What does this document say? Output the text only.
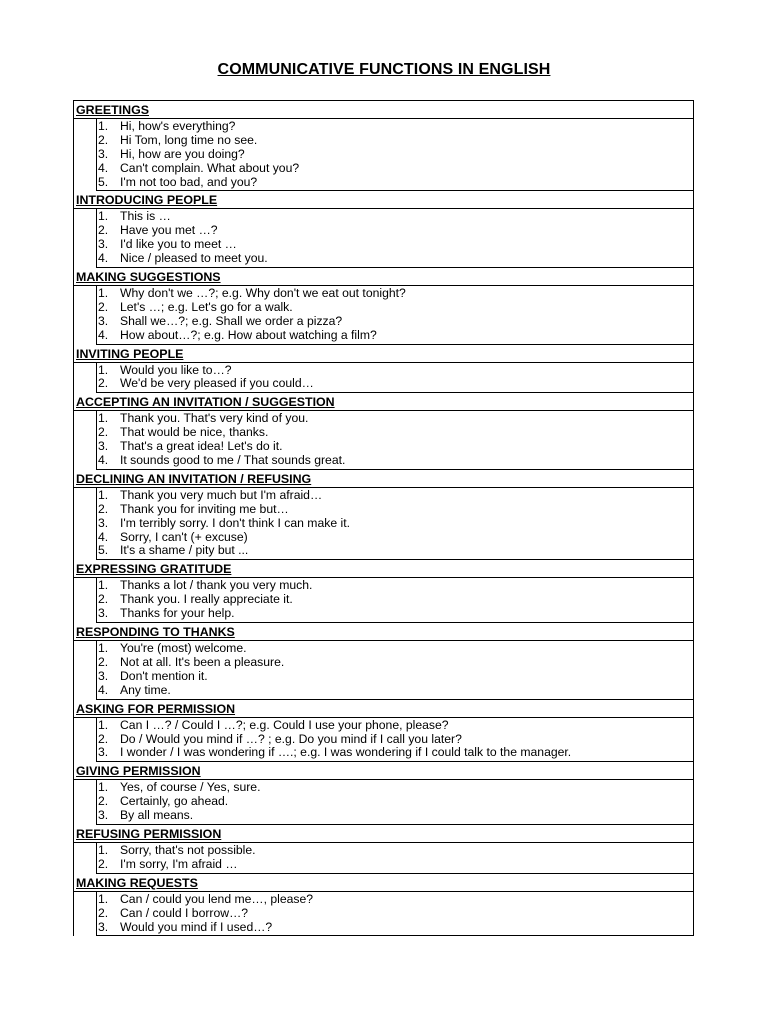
COMMUNICATIVE FUNCTIONS IN ENGLISH
GREETINGS
1. Hi, how's everything?
2. Hi Tom, long time no see.
3. Hi, how are you doing?
4. Can't complain. What about you?
5. I'm not too bad, and you?
INTRODUCING PEOPLE
1. This is …
2. Have you met …?
3. I'd like you to meet …
4. Nice / pleased to meet you.
MAKING SUGGESTIONS
1. Why don't we …?; e.g. Why don't we eat out tonight?
2. Let's …; e.g. Let's go for a walk.
3. Shall we…?; e.g. Shall we order a pizza?
4. How about…?; e.g. How about watching a film?
INVITING PEOPLE
1. Would you like to…?
2. We'd be very pleased if you could…
ACCEPTING AN INVITATION / SUGGESTION
1. Thank you. That's very kind of you.
2. That would be nice, thanks.
3. That's a great idea! Let's do it.
4. It sounds good to me / That sounds great.
DECLINING AN INVITATION / REFUSING
1. Thank you very much but I'm afraid…
2. Thank you for inviting me but…
3. I'm terribly sorry. I don't think I can make it.
4. Sorry, I can't (+ excuse)
5. It's a shame / pity but ...
EXPRESSING GRATITUDE
1. Thanks a lot / thank you very much.
2. Thank you. I really appreciate it.
3. Thanks for your help.
RESPONDING TO THANKS
1. You're (most) welcome.
2. Not at all. It's been a pleasure.
3. Don't mention it.
4. Any time.
ASKING FOR PERMISSION
1. Can I …? / Could I …?; e.g. Could I use your phone, please?
2. Do / Would you mind if …? ; e.g. Do you mind if I call you later?
3. I wonder / I was wondering if ….; e.g. I was wondering if I could talk to the manager.
GIVING PERMISSION
1. Yes, of course / Yes, sure.
2. Certainly, go ahead.
3. By all means.
REFUSING PERMISSION
1. Sorry, that's not possible.
2. I'm sorry, I'm afraid …
MAKING REQUESTS
1. Can / could you lend me…, please?
2. Can / could I borrow…?
3. Would you mind if I used…?
